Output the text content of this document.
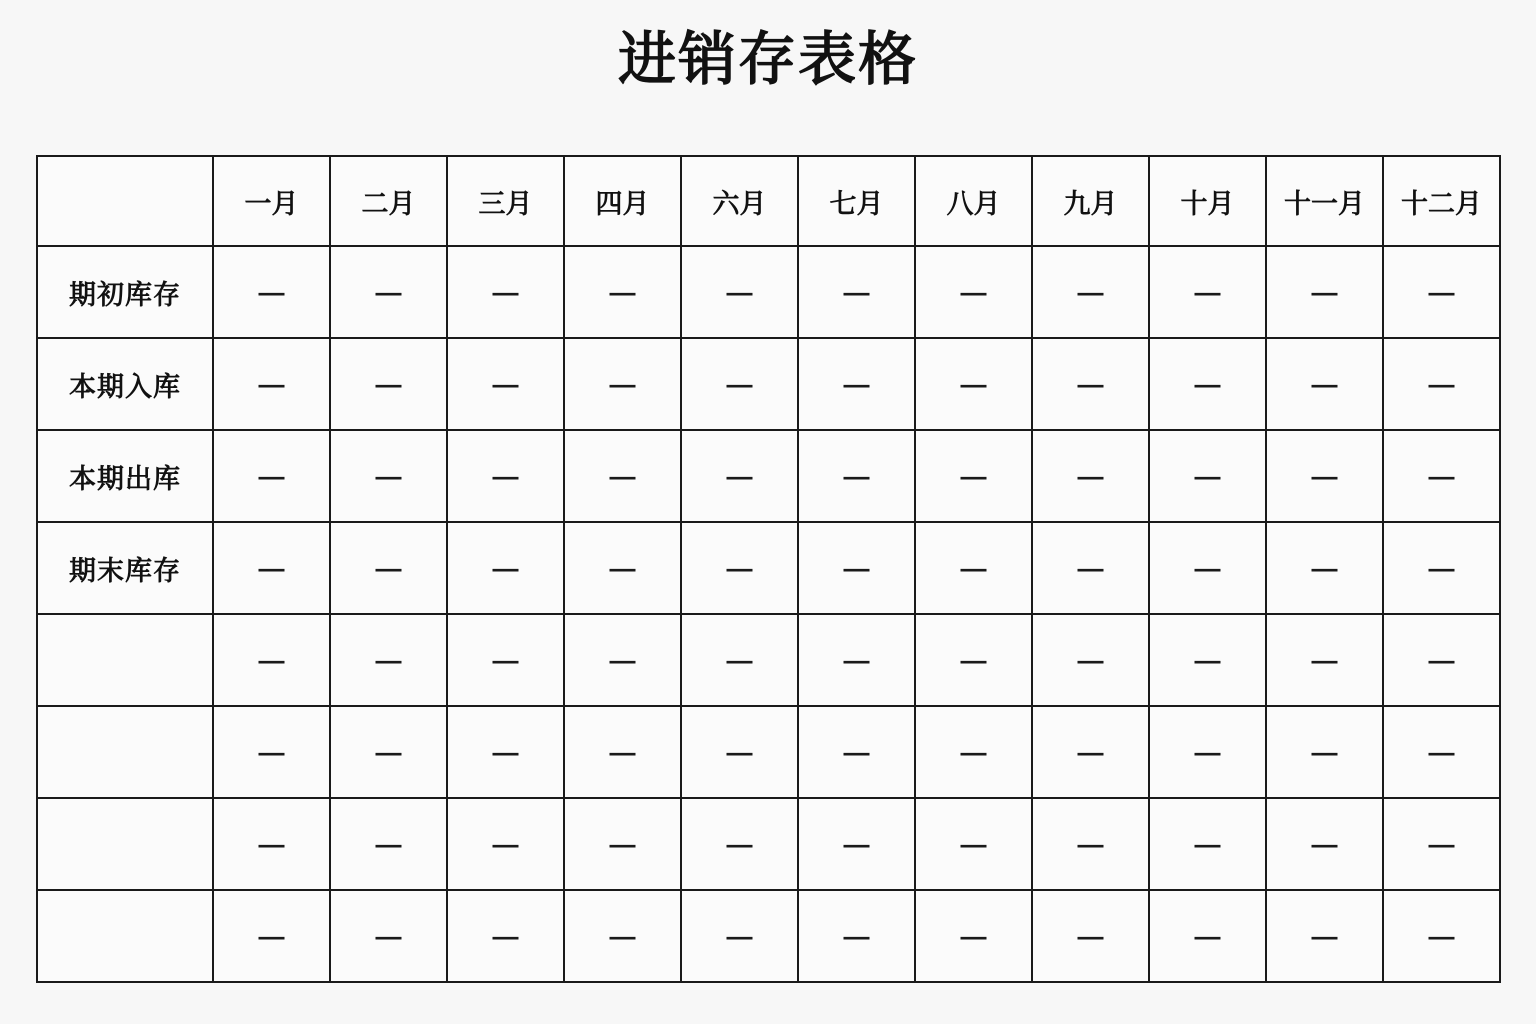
进销存表格
	一月	二月	三月	四月	六月	七月	八月	九月	十月	十一月	十二月
期初库存	—	—	—	—	—	—	—	—	—	—	—
本期入库	—	—	—	—	—	—	—	—	—	—	—
本期出库	—	—	—	—	—	—	—	—	—	—	—
期末库存	—	—	—	—	—	—	—	—	—	—	—
	—	—	—	—	—	—	—	—	—	—	—
	—	—	—	—	—	—	—	—	—	—	—
	—	—	—	—	—	—	—	—	—	—	—
	—	—	—	—	—	—	—	—	—	—	—
